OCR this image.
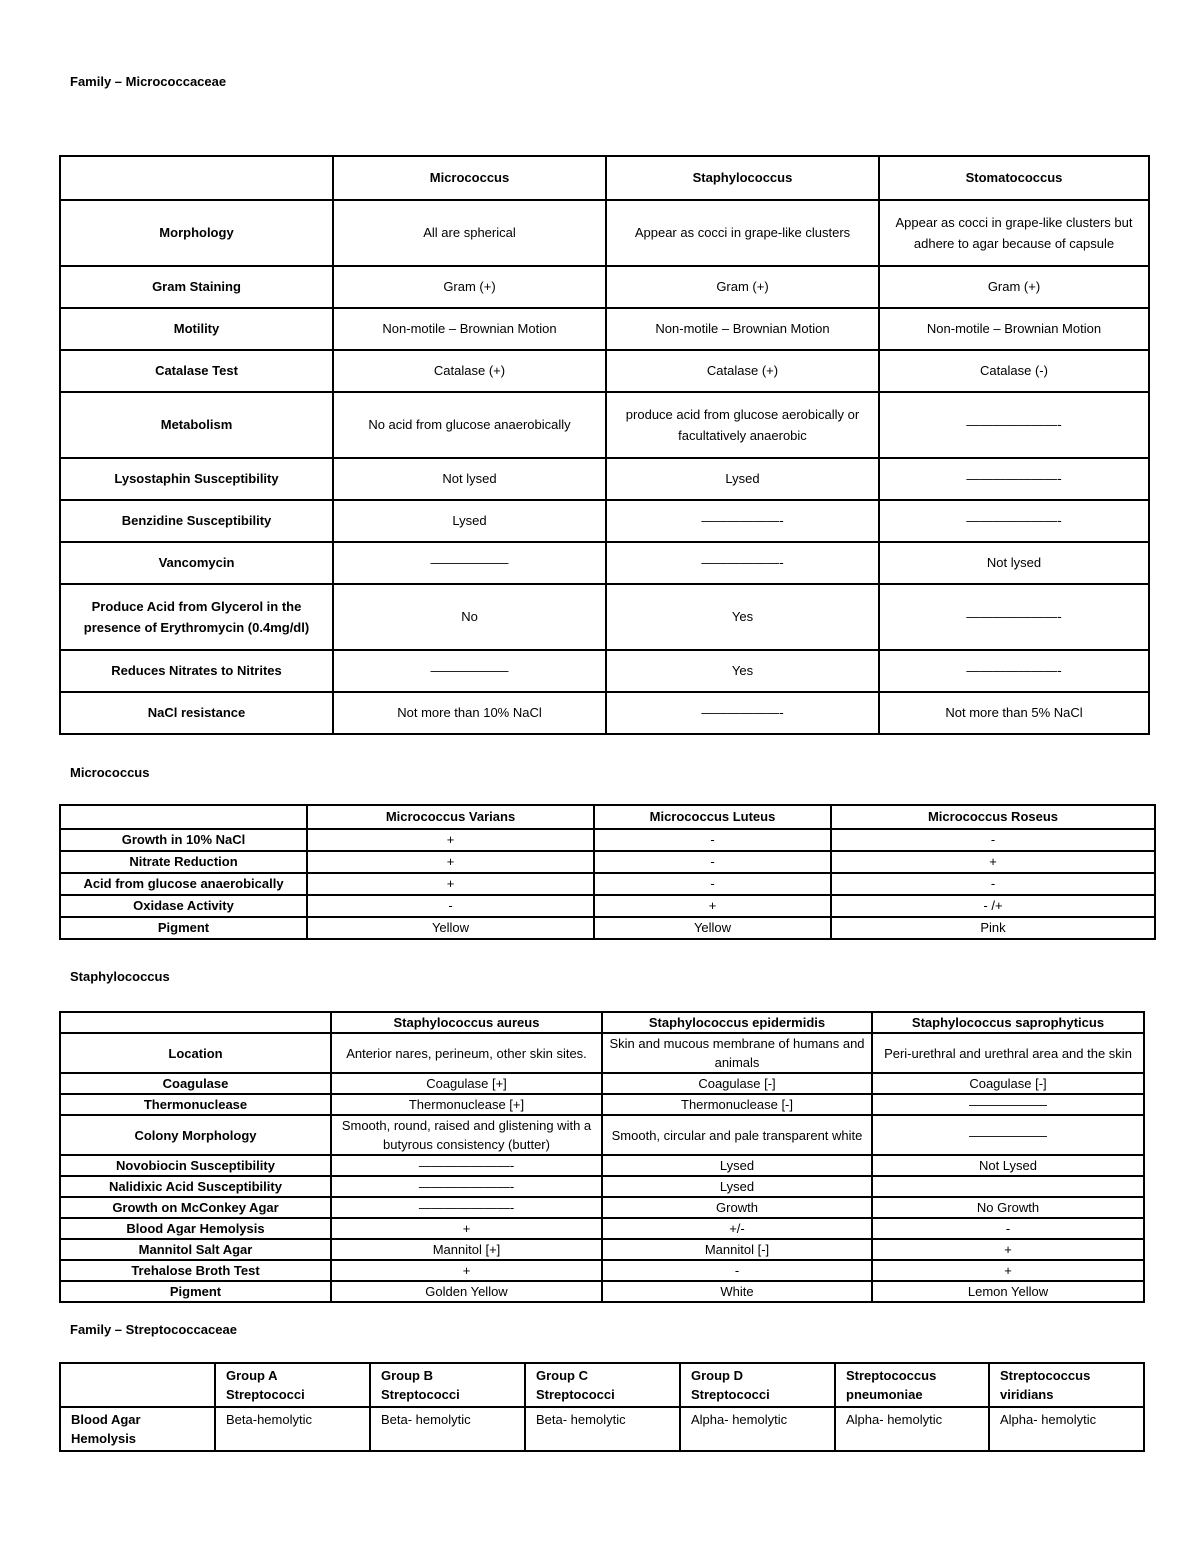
Family – Micrococcaceae
	Micrococcus	Staphylococcus	Stomatococcus
Morphology	All are spherical	Appear as cocci in grape-like clusters	Appear as cocci in grape-like clusters but adhere to agar because of capsule
Gram Staining	Gram (+)	Gram (+)	Gram (+)
Motility	Non-motile – Brownian Motion	Non-motile – Brownian Motion	Non-motile – Brownian Motion
Catalase Test	Catalase (+)	Catalase (+)	Catalase (-)
Metabolism	No acid from glucose anaerobically	produce acid from glucose aerobically or facultatively anaerobic	———————-
Lysostaphin Susceptibility	Not lysed	Lysed	———————-
Benzidine Susceptibility	Lysed	——————-	———————-
Vancomycin	——————	——————-	Not lysed
Produce Acid from Glycerol in the presence of Erythromycin (0.4mg/dl)	No	Yes	———————-
Reduces Nitrates to Nitrites	——————	Yes	———————-
NaCl resistance	Not more than 10% NaCl	——————-	Not more than 5% NaCl
Micrococcus
	Micrococcus Varians	Micrococcus Luteus	Micrococcus Roseus
Growth in 10% NaCl	+	-	-
Nitrate Reduction	+	-	+
Acid from glucose anaerobically	+	-	-
Oxidase Activity	-	+	- /+
Pigment	Yellow	Yellow	Pink
Staphylococcus
	Staphylococcus aureus	Staphylococcus epidermidis	Staphylococcus saprophyticus
Location	Anterior nares, perineum, other skin sites.	Skin and mucous membrane of humans and animals	Peri-urethral and urethral area and the skin
Coagulase	Coagulase [+]	Coagulase [-]	Coagulase [-]
Thermonuclease	Thermonuclease [+]	Thermonuclease [-]	——————
Colony Morphology	Smooth, round, raised and glistening with a butyrous consistency (butter)	Smooth, circular and pale transparent white	——————
Novobiocin Susceptibility	———————-	Lysed	Not Lysed
Nalidixic Acid Susceptibility	———————-	Lysed	
Growth on McConkey Agar	———————-	Growth	No Growth
Blood Agar Hemolysis	+	+/-	-
Mannitol Salt Agar	Mannitol [+]	Mannitol [-]	+
Trehalose Broth Test	+	-	+
Pigment	Golden Yellow	White	Lemon Yellow
Family – Streptococcaceae
	Group A Streptococci	Group B Streptococci	Group C Streptococci	Group D Streptococci	Streptococcus pneumoniae	Streptococcus viridians
Blood Agar Hemolysis	Beta-hemolytic	Beta- hemolytic	Beta- hemolytic	Alpha- hemolytic	Alpha- hemolytic	Alpha- hemolytic
